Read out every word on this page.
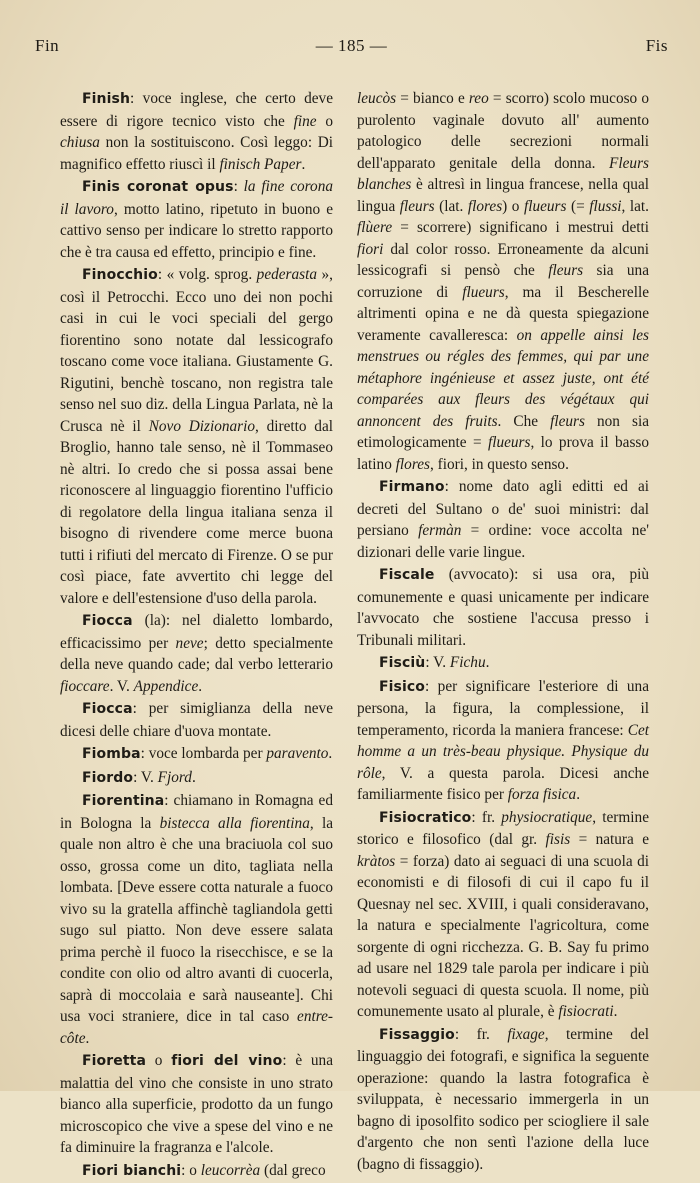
Fin	— 185 —	Fis

Finish: voce inglese, che certo deve essere di rigore tecnico visto che fine o chiusa non la sostituiscono. Così leggo: Di magnifico effetto riuscì il finisch Paper.

Finis coronat opus: la fine corona il lavoro, motto latino, ripetuto in buono e cattivo senso per indicare lo stretto rapporto che è tra causa ed effetto, principio e fine.

Finocchio: « volg. sprog. pederasta », così il Petrocchi. Ecco uno dei non pochi casi in cui le voci speciali del gergo fiorentino sono notate dal lessicografo toscano come voce italiana. Giustamente G. Rigutini, benchè toscano, non registra tale senso nel suo diz. della Lingua Parlata, nè la Crusca nè il Novo Dizionario, diretto dal Broglio, hanno tale senso, nè il Tommaseo nè altri. Io credo che si possa assai bene riconoscere al linguaggio fiorentino l'ufficio di regolatore della lingua italiana senza il bisogno di rivendere come merce buona tutti i rifiuti del mercato di Firenze. O se pur così piace, fate avvertito chi legge del valore e dell'estensione d'uso della parola.

Fiocca (la): nel dialetto lombardo, efficacissimo per neve; detto specialmente della neve quando cade; dal verbo letterario fioccare. V. Appendice.

Fiocca: per simiglianza della neve dicesi delle chiare d'uova montate.

Fiomba: voce lombarda per paravento.

Fiordo: V. Fjord.

Fiorentina: chiamano in Romagna ed in Bologna la bistecca alla fiorentina, la quale non altro è che una braciuola col suo osso, grossa come un dito, tagliata nella lombata. [Deve essere cotta naturale a fuoco vivo su la gratella affinchè tagliandola getti sugo sul piatto. Non deve essere salata prima perchè il fuoco la risecchisce, e se la condite con olio od altro avanti di cuocerla, saprà di moccolaia e sarà nauseante]. Chi usa voci straniere, dice in tal caso entre-côte.

Fioretta o fiori del vino: è una malattia del vino che consiste in uno strato bianco alla superficie, prodotto da un fungo microscopico che vive a spese del vino e ne fa diminuire la fragranza e l'alcole.

Fiori bianchi: o leucorrèa (dal greco

leucòs = bianco e reo = scorro) scolo mucoso o purolento vaginale dovuto all' aumento patologico delle secrezioni normali dell'apparato genitale della donna. Fleurs blanches è altresì in lingua francese, nella qual lingua fleurs (lat. flores) o flueurs (= flussi, lat. flùere = scorrere) significano i mestrui detti fiori dal color rosso. Erroneamente da alcuni lessicografi si pensò che fleurs sia una corruzione di flueurs, ma il Bescherelle altrimenti opina e ne dà questa spiegazione veramente cavalleresca: on appelle ainsi les menstrues ou régles des femmes, qui par une métaphore ingénieuse et assez juste, ont été comparées aux fleurs des végétaux qui annoncent des fruits. Che fleurs non sia etimologicamente = flueurs, lo prova il basso latino flores, fiori, in questo senso.

Firmano: nome dato agli editti ed ai decreti del Sultano o de' suoi ministri: dal persiano fermàn = ordine: voce accolta ne' dizionari delle varie lingue.

Fiscale (avvocato): si usa ora, più comunemente e quasi unicamente per indicare l'avvocato che sostiene l'accusa presso i Tribunali militari.

Fisciù: V. Fichu.

Fisico: per significare l'esteriore di una persona, la figura, la complessione, il temperamento, ricorda la maniera francese: Cet homme a un très-beau physique. Physique du rôle, V. a questa parola. Dicesi anche familiarmente fisico per forza fisica.

Fisiocratico: fr. physiocratique, termine storico e filosofico (dal gr. fisis = natura e kràtos = forza) dato ai seguaci di una scuola di economisti e di filosofi di cui il capo fu il Quesnay nel sec. XVIII, i quali consideravano, la natura e specialmente l'agricoltura, come sorgente di ogni ricchezza. G. B. Say fu primo ad usare nel 1829 tale parola per indicare i più notevoli seguaci di questa scuola. Il nome, più comunemente usato al plurale, è fisiocrati.

Fissaggio: fr. fixage, termine del linguaggio dei fotografi, e significa la seguente operazione: quando la lastra fotografica è sviluppata, è necessario immergerla in un bagno di iposolfito sodico per sciogliere il sale d'argento che non sentì l'azione della luce (bagno di fissaggio).
